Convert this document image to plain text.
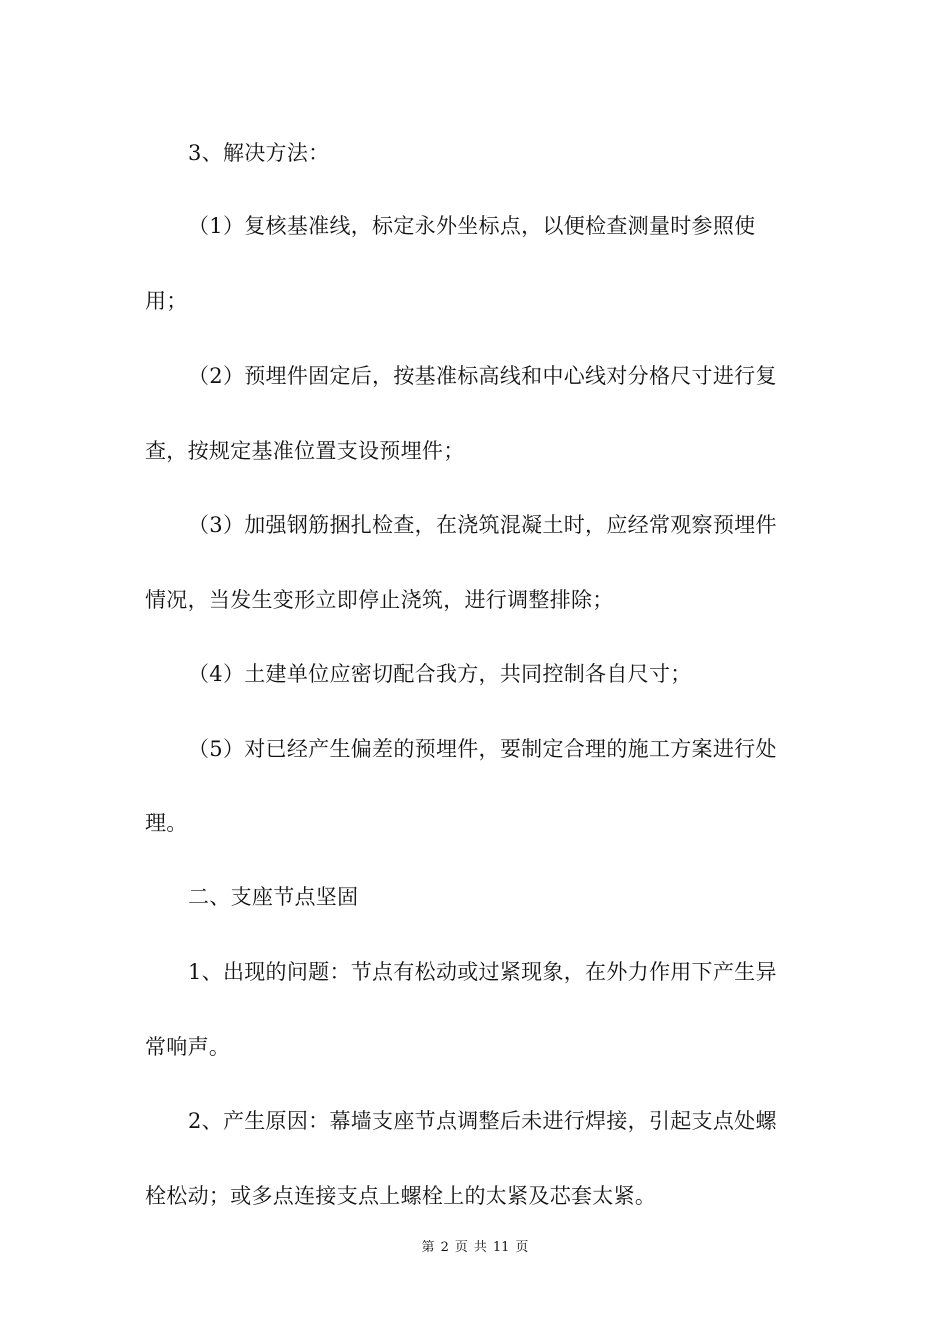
3、解决方法：
（1）复核基准线，标定永外坐标点，以便检查测量时参照使
用；
（2）预埋件固定后，按基准标高线和中心线对分格尺寸进行复
查，按规定基准位置支设预埋件；
（3）加强钢筋捆扎检查，在浇筑混凝土时，应经常观察预埋件
情况，当发生变形立即停止浇筑，进行调整排除；
（4）土建单位应密切配合我方，共同控制各自尺寸；
（5）对已经产生偏差的预埋件，要制定合理的施工方案进行处
理。
二、支座节点坚固
1、出现的问题：节点有松动或过紧现象，在外力作用下产生异
常响声。
2、产生原因：幕墙支座节点调整后未进行焊接，引起支点处螺
栓松动；或多点连接支点上螺栓上的太紧及芯套太紧。
第 2 页 共 11 页
